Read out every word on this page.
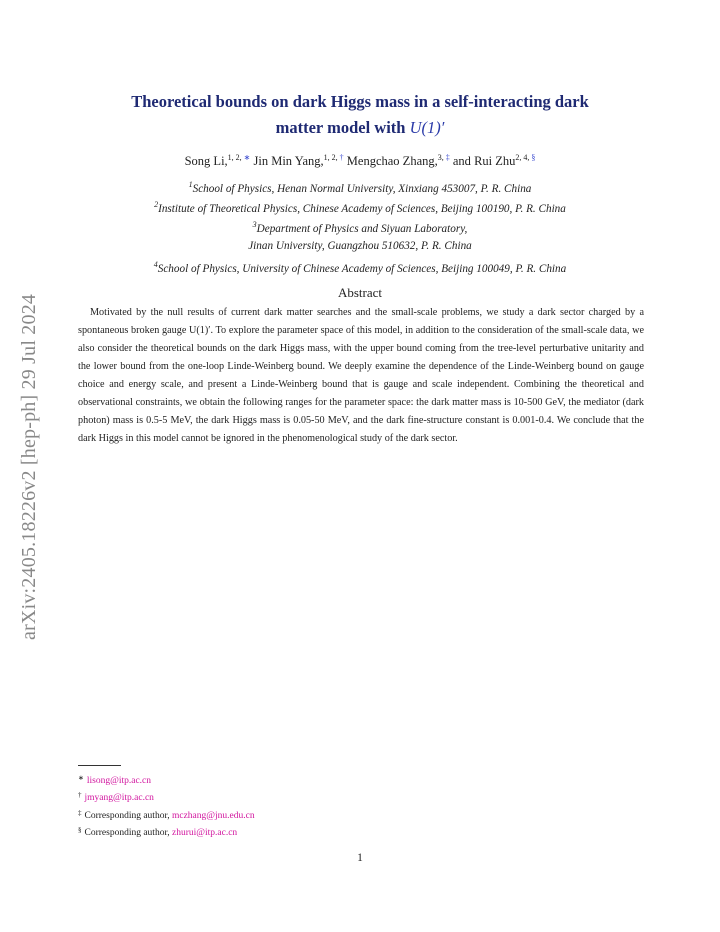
arXiv:2405.18226v2 [hep-ph] 29 Jul 2024
Theoretical bounds on dark Higgs mass in a self-interacting dark
matter model with U(1)′
Song Li,$^{1, 2, ∗}$ Jin Min Yang,$^{1, 2, \dagger}$ Mengchao Zhang,$^{3, \ddagger}$ and Rui Zhu$^{2, 4, \S}$
$^1$School of Physics, Henan Normal University, Xinxiang 453007, P. R. China
$^2$Institute of Theoretical Physics, Chinese Academy of Sciences, Beijing 100190, P. R. China
$^3$Department of Physics and Siyuan Laboratory,
Jinan University, Guangzhou 510632, P. R. China
$^4$School of Physics, University of Chinese Academy of Sciences, Beijing 100049, P. R. China
Abstract
Motivated by the null results of current dark matter searches and the small-scale problems, we study a dark sector charged by a spontaneous broken gauge U(1)′. To explore the parameter space of this model, in addition to the consideration of the small-scale data, we also consider the theoretical bounds on the dark Higgs mass, with the upper bound coming from the tree-level perturbative unitarity and the lower bound from the one-loop Linde-Weinberg bound. We deeply examine the dependence of the Linde-Weinberg bound on gauge choice and energy scale, and present a Linde-Weinberg bound that is gauge and scale independent. Combining the theoretical and observational constraints, we obtain the following ranges for the parameter space: the dark matter mass is 10-500 GeV, the mediator (dark photon) mass is 0.5-5 MeV, the dark Higgs mass is 0.05-50 MeV, and the dark fine-structure constant is 0.001-0.4. We conclude that the dark Higgs in this model cannot be ignored in the phenomenological study of the dark sector.
∗ lisong@itp.ac.cn
† jmyang@itp.ac.cn
‡ Corresponding author, mczhang@jnu.edu.cn
§ Corresponding author, zhurui@itp.ac.cn
1
